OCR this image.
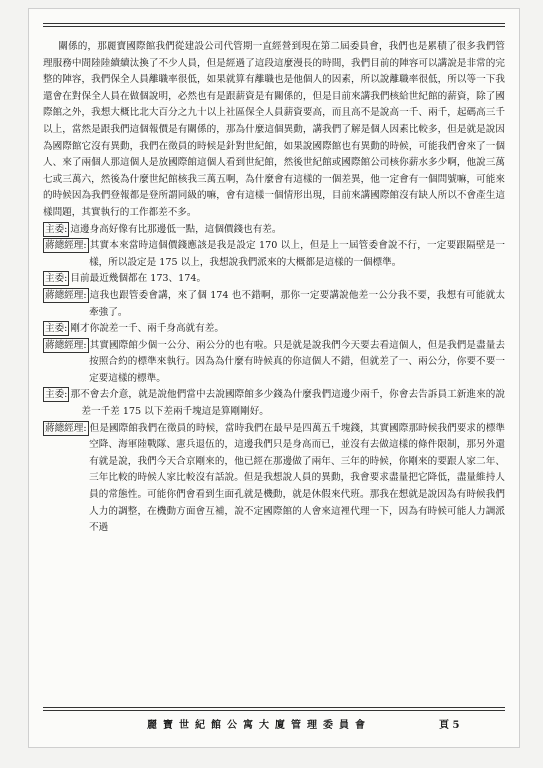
關係的，那麗寶國際館我們從建設公司代管期一直經營到現在第二屆委員會，我們也是累積了很多我們管理服務中間陸陸續續汰換了不少人員，但是經過了這段這麼漫長的時間，我們目前的陣容可以講說是非常的完整的陣容，我們保全人員離職率很低，如果就算有離職也是他個人的因素，所以說離職率很低，所以等一下我還會在對保全人員在做個說明，必然也有是跟薪資是有關係的，但是目前來講我們核給世紀館的薪資，除了國際館之外，我想大概比北大百分之九十以上社區保全人員薪資要高，而且高不是說高一千、兩千，起碼高三千以上，當然是跟我們這個報價是有關係的，那為什麼這個異動，講我們了解是個人因素比較多，但是就是說因為國際館它沒有異動，我們在徵員的時候是針對世紀館，如果說國際館也有異動的時候，可能我們會來了一個人、來了兩個人那這個人是放國際館這個人看到世紀館，然後世紀館或國際館公司核你薪水多少啊，他說三萬七或三萬六，然後為什麼世紀館核我三萬五啊，為什麼會有這樣的一個差異，他一定會有一個問號嘛，可能來的時候因為我們登報都是登所謂同級的嘛，會有這樣一個情形出現，目前來講國際館沒有缺人所以不會產生這樣問題，其實執行的工作都差不多。

主委: 這邊身高好像有比那邊低一點，這個價錢也有差。

蔣總經理: 其實本來當時這個價錢應該是我是設定 170 以上，但是上一屆管委會說不行，一定要跟隔壁是一樣，所以設定是 175 以上，我想說我們派來的大概都是這樣的一個標準。

主委: 目前最近幾個都在 173、174。

蔣總經理: 這我也跟管委會講，來了個 174 也不錯啊，那你一定要講說他差一公分我不要，我想有可能就太牽強了。

主委: 剛才你說差一千、兩千身高就有差。

蔣總經理: 其實國際館少個一公分、兩公分的也有啦。只是就是說我們今天要去看這個人，但是我們是盡量去按照合約的標準來執行。因為為什麼有時候真的你這個人不錯，但就差了一、兩公分，你要不要一定要這樣的標準。

主委: 那不會去介意，就是說他們當中去說國際館多少錢為什麼我們這邊少兩千，你會去告訴員工新進來的說差一千差 175 以下差兩千塊這是算剛剛好。

蔣總經理: 但是國際館我們在徵員的時候，當時我們在最早是四萬五千塊錢，其實國際那時候我們要求的標準空降、海軍陸戰隊、憲兵退伍的，這邊我們只是身高而已，並沒有去做這樣的條件限制，那另外還有就是說，我們今天合京剛來的，他已經在那邊做了兩年、三年的時候，你剛來的要跟人家二年、三年比較的時候人家比較沒有話說。但是我想說人員的異動，我會要求盡量把它降低，盡量維持人員的常態性。可能你們會看到生面孔就是機動，就是休假來代班。那我在想就是說因為有時候我們人力的調整，在機動方面會互補，說不定國際館的人會來這裡代理一下，因為有時候可能人力調派不過

麗寶世紀館公寓大廈管理委員會	頁 5
